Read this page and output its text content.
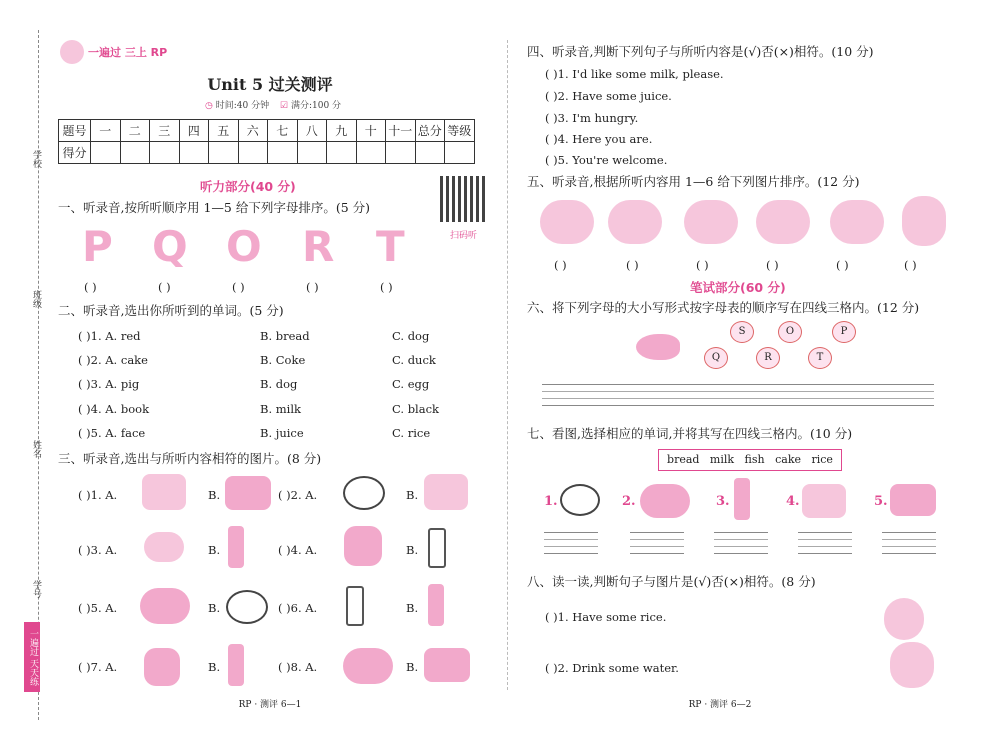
学校
班级
姓名
学号
一遍过 天天练
一遍过 三上 RP
Unit 5 过关测评
◷ 时间:40 分钟 ☑ 满分:100 分
题号	一	二	三	四	五	六	七	八	九	十	十一	总分	等级
得分													
听力部分(40 分)
扫码听
一、听录音,按所听顺序用 1—5 给下列字母排序。(5 分)
P Q O R T
( )	( )	( )	( )	( )
二、听录音,选出你所听到的单词。(5 分)
( )1. A. red	B. bread	C. dog
( )2. A. cake	B. Coke	C. duck
( )3. A. pig	B. dog	C. egg
( )4. A. book	B. milk	C. black
( )5. A. face	B. juice	C. rice
三、听录音,选出与所听内容相符的图片。(8 分)
( )1. A.	B.	( )2. A.	B.
( )3. A.	B.	( )4. A.	B.
( )5. A.	B.	( )6. A.	B.
( )7. A.	B.	( )8. A.	B.
RP · 测评 6—1
四、听录音,判断下列句子与所听内容是(√)否(×)相符。(10 分)
( )1. I'd like some milk, please.
( )2. Have some juice.
( )3. I'm hungry.
( )4. Here you are.
( )5. You're welcome.
五、听录音,根据所听内容用 1—6 给下列图片排序。(12 分)
( )	( )	( )	( )	( )	( )
笔试部分(60 分)
六、将下列字母的大小写形式按字母表的顺序写在四线三格内。(12 分)
S	O	P
Q	R	T
七、看图,选择相应的单词,并将其写在四线三格内。(10 分)
bread   milk   fish   cake   rice
1.	2.	3.	4.	5.
八、读一读,判断句子与图片是(√)否(×)相符。(8 分)
( )1. Have some rice.
( )2. Drink some water.
RP · 测评 6—2
